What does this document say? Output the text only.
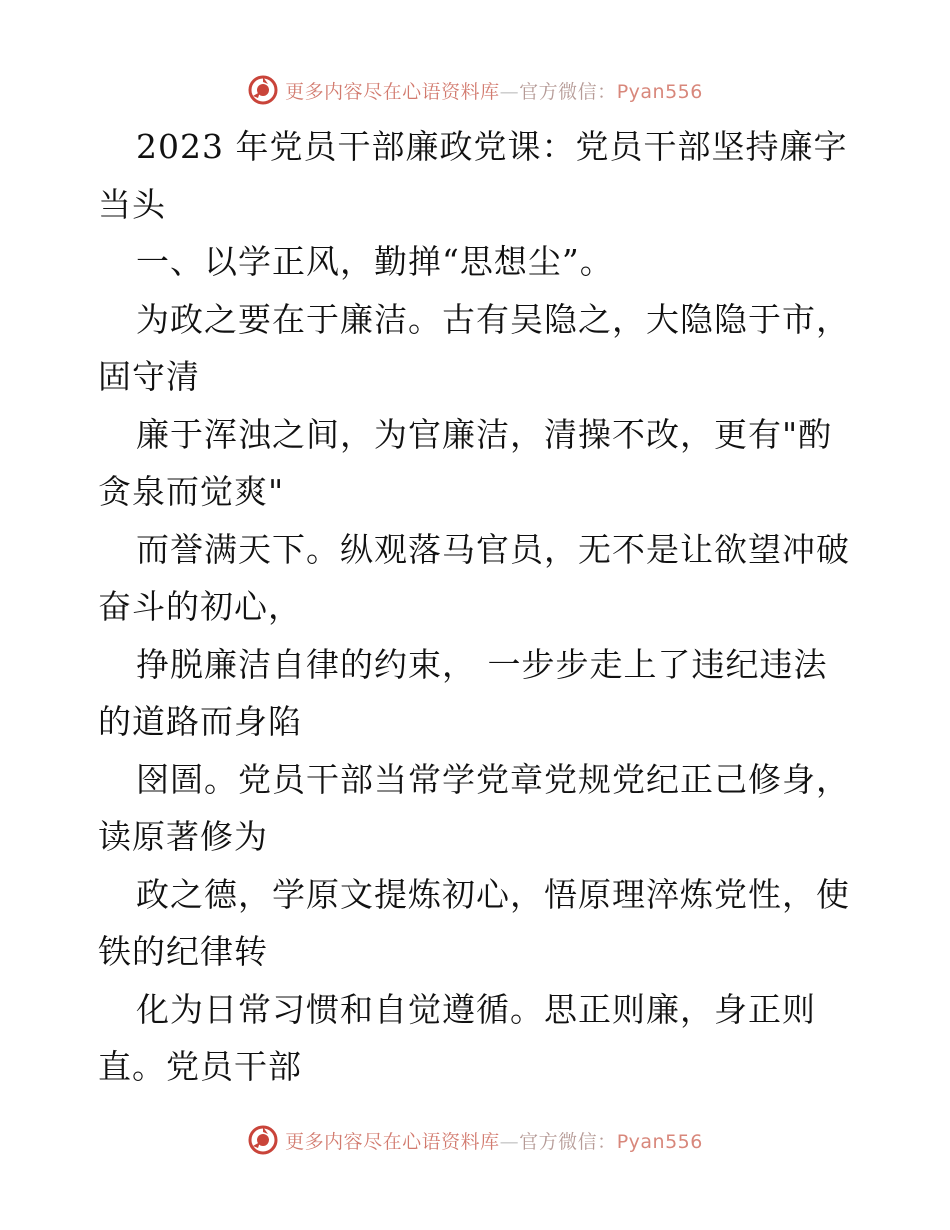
更多内容尽在心语资料库—官方微信：Pyan556
2023 年党员干部廉政党课：党员干部坚持廉字
当头
一、以学正风，勤掸“思想尘”。
为政之要在于廉洁。古有吴隐之，大隐隐于市，
固守清
廉于浑浊之间，为官廉洁，清操不改，更有"酌
贪泉而觉爽"
而誉满天下。纵观落马官员，无不是让欲望冲破
奋斗的初心，
挣脱廉洁自律的约束， 一步步走上了违纪违法
的道路而身陷
囹圄。党员干部当常学党章党规党纪正己修身，
读原著修为
政之德，学原文提炼初心，悟原理淬炼党性，使
铁的纪律转
化为日常习惯和自觉遵循。思正则廉，身正则
直。党员干部
更多内容尽在心语资料库—官方微信：Pyan556
